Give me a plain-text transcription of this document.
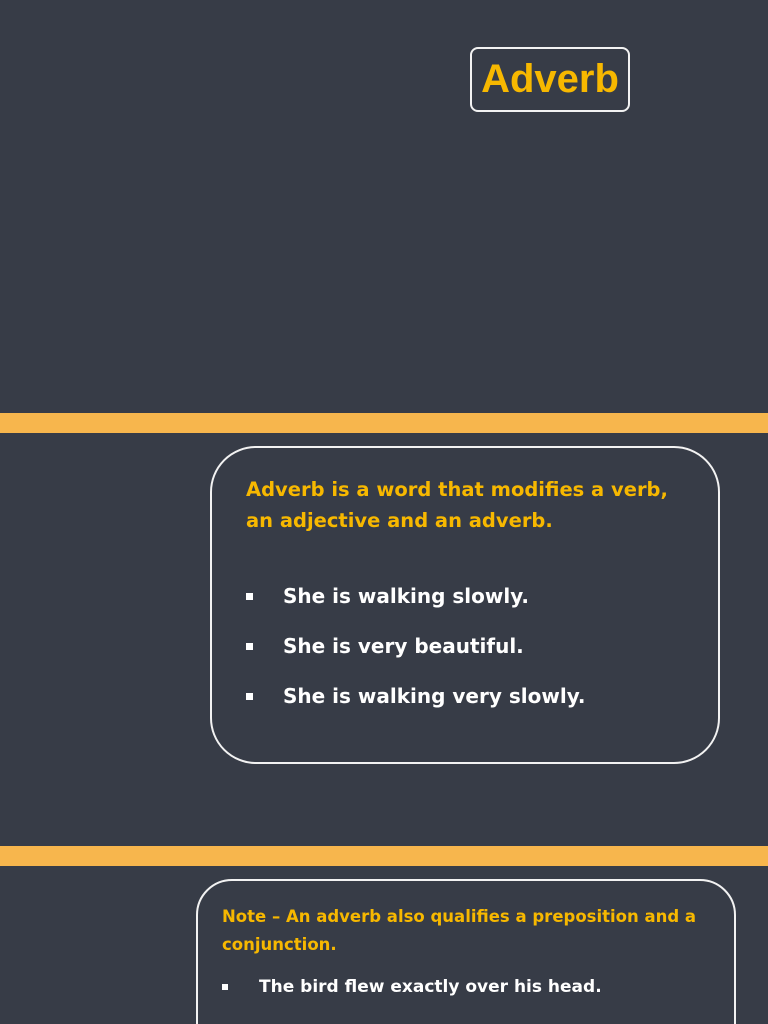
Adverb

Adverb is a word that modifies a verb, an adjective and an adverb.

She is walking slowly.
She is very beautiful.
She is walking very slowly.

Note – An adverb also qualifies a preposition and a conjunction.

The bird flew exactly over his head.
